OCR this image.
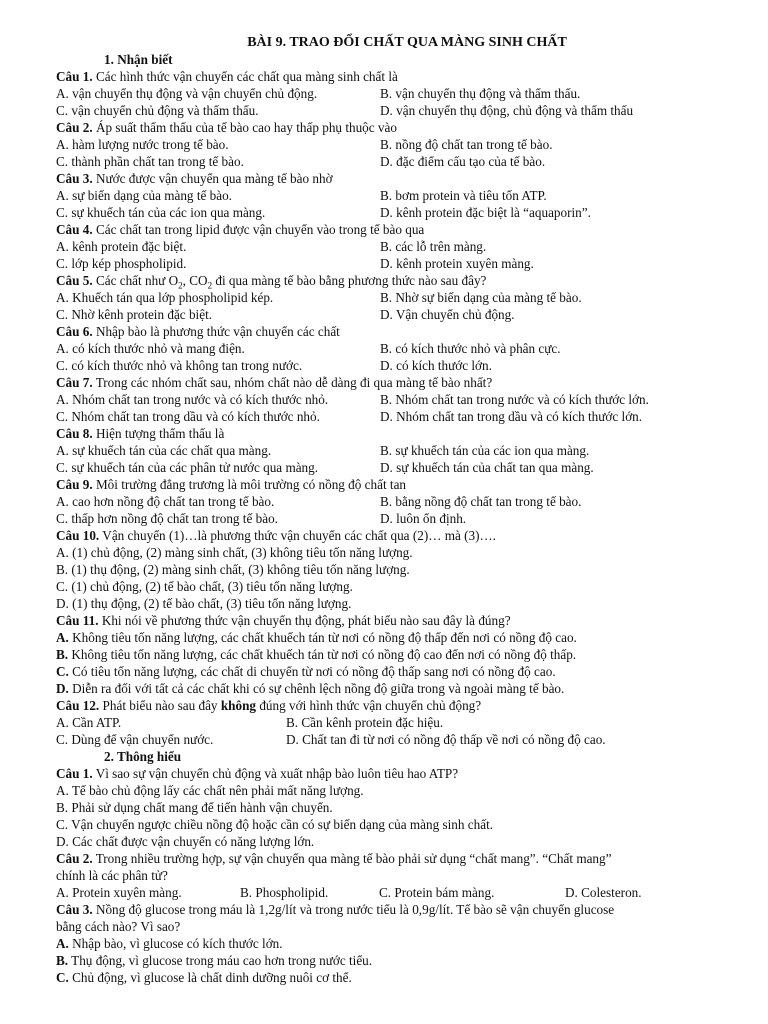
BÀI 9. TRAO ĐỔI CHẤT QUA MÀNG SINH CHẤT
1. Nhận biết
Câu 1. Các hình thức vận chuyển các chất qua màng sinh chất là
A. vận chuyển thụ động và vận chuyển chủ động.	B. vận chuyển thụ động và thẩm thấu.
C. vận chuyển chủ động và thẩm thấu.	D. vận chuyển thụ động, chủ động và thẩm thấu
Câu 2. Áp suất thẩm thấu của tế bào cao hay thấp phụ thuộc vào
A. hàm lượng nước trong tế bào.	B. nồng độ chất tan trong tế bào.
C. thành phần chất tan trong tế bào.	D. đặc điểm cấu tạo của tế bào.
Câu 3. Nước được vận chuyển qua màng tế bào nhờ
A. sự biến dạng của màng tế bào.	B. bơm protein và tiêu tốn ATP.
C. sự khuếch tán của các ion qua màng.	D. kênh protein đặc biệt là “aquaporin”.
Câu 4. Các chất tan trong lipid được vận chuyển vào trong tế bào qua
A. kênh protein đặc biệt.	B. các lỗ trên màng.
C. lớp kép phospholipid.	D. kênh protein xuyên màng.
Câu 5. Các chất như $O_2$, $CO_2$ đi qua màng tế bào bằng phương thức nào sau đây?
A. Khuếch tán qua lớp phospholipid kép.	B. Nhờ sự biến dạng của màng tế bào.
C. Nhờ kênh protein đặc biệt.	D. Vận chuyển chủ động.
Câu 6. Nhập bào là phương thức vận chuyển các chất
A. có kích thước nhỏ và mang điện.	B. có kích thước nhỏ và phân cực.
C. có kích thước nhỏ và không tan trong nước.	D. có kích thước lớn.
Câu 7. Trong các nhóm chất sau, nhóm chất nào dễ dàng đi qua màng tế bào nhất?
A. Nhóm chất tan trong nước và có kích thước nhỏ.	B. Nhóm chất tan trong nước và có kích thước lớn.
C. Nhóm chất tan trong dầu và có kích thước nhỏ.	D. Nhóm chất tan trong dầu và có kích thước lớn.
Câu 8. Hiện tượng thẩm thấu là
A. sự khuếch tán của các chất qua màng.	B. sự khuếch tán của các ion qua màng.
C. sự khuếch tán của các phân tử nước qua màng.	D. sự khuếch tán của chất tan qua màng.
Câu 9. Môi trường đẳng trương là môi trường có nồng độ chất tan
A. cao hơn nồng độ chất tan trong tế bào.	B. bằng nồng độ chất tan trong tế bào.
C. thấp hơn nồng độ chất tan trong tế bào.	D. luôn ổn định.
Câu 10. Vận chuyển (1)…là phương thức vận chuyển các chất qua (2)… mà (3)….
A. (1) chủ động, (2) màng sinh chất, (3) không tiêu tốn năng lượng.
B. (1) thụ động, (2) màng sinh chất, (3) không tiêu tốn năng lượng.
C. (1) chủ động, (2) tế bào chất, (3) tiêu tốn năng lượng.
D. (1) thụ động, (2) tế bào chất, (3) tiêu tốn năng lượng.
Câu 11. Khi nói về phương thức vận chuyển thụ động, phát biểu nào sau đây là đúng?
A. Không tiêu tốn năng lượng, các chất khuếch tán từ nơi có nồng độ thấp đến nơi có nồng độ cao.
B. Không tiêu tốn năng lượng, các chất khuếch tán từ nơi có nồng độ cao đến nơi có nồng độ thấp.
C. Có tiêu tốn năng lượng, các chất di chuyển từ nơi có nồng độ thấp sang nơi có nồng độ cao.
D. Diễn ra đối với tất cả các chất khi có sự chênh lệch nồng độ giữa trong và ngoài màng tế bào.
Câu 12. Phát biểu nào sau đây không đúng với hình thức vận chuyển chủ động?
A. Cần ATP.	B. Cần kênh protein đặc hiệu.
C. Dùng để vận chuyển nước.	D. Chất tan đi từ nơi có nồng độ thấp về nơi có nồng độ cao.
2. Thông hiểu
Câu 1. Vì sao sự vận chuyển chủ động và xuất nhập bào luôn tiêu hao ATP?
A. Tế bào chủ động lấy các chất nên phải mất năng lượng.
B. Phải sử dụng chất mang để tiến hành vận chuyển.
C. Vận chuyển ngược chiều nồng độ hoặc cần có sự biến dạng của màng sinh chất.
D. Các chất được vận chuyển có năng lượng lớn.
Câu 2. Trong nhiều trường hợp, sự vận chuyển qua màng tế bào phải sử dụng “chất mang”. “Chất mang”
chính là các phân tử?
A. Protein xuyên màng.	B. Phospholipid.	C. Protein bám màng.	D. Colesteron.
Câu 3. Nồng độ glucose trong máu là 1,2g/lít và trong nước tiểu là 0,9g/lít. Tế bào sẽ vận chuyển glucose
bằng cách nào? Vì sao?
A. Nhập bào, vì glucose có kích thước lớn.
B. Thụ động, vì glucose trong máu cao hơn trong nước tiểu.
C. Chủ động, vì glucose là chất dinh dưỡng nuôi cơ thể.
